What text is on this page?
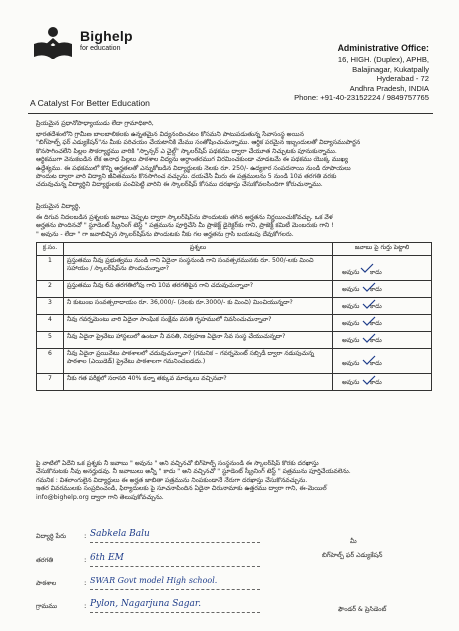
Bighelp
for education
A Catalyst For Better Education
Administrative Office:
16, HIGH. (Duplex), APHB,
Balajinagar, Kukatpally
Hyderabad - 72
Andhra Pradesh, INDIA
Phone: +91-40-23152224 / 9849757765
ప్రియమైన ప్రధానోపాధ్యాయుడు లేదా గ్రామాధికారి,
భారతదేశంలోని గ్రామీణ బాలబాలికలకు ఉన్నతమైన విద్యనందించటం కోసమని పాటుపడుతున్న సేవాసంస్థ అయిన
"బిగ్‌హెల్ప్ ఫర్ ఎడ్యుకేషన్"ను మీకు పరిచయం చేయటానికి మేము సంతోషించుచున్నాము. ఆర్థిక పరమైన ఇబ్బందులతో విద్యాసముపార్జన
కొనసాగించలేని పిల్లల సౌకర్యార్థము వారికి "స్పాన్సర్ ఎ చైల్డ్" స్కాలర్‌షిప్ పథకము ద్వారా చేయూత నిచ్చుటకు పూనుకున్నాము.
ఆర్థికముగా వెనుకబడిన లేక అనాధ పిల్లలు పాఠశాల విద్యను అర్ధాంతరముగ విరమించకుండా చూడటమే ఈ పథకము యొక్క ముఖ్య
ఉద్దేశ్యము. ఈ పథకములో కొన్ని అర్హతలతో ఎన్నుకోబడిన విద్యార్థులకు నెలకు రూ. 250/- ఉద్యకార సంపదనాయి నుండి రూపాయలు
పొందుట ద్వారా వారి విద్యాని జీవితమును కొనసాగించ వచ్చును. దయచేసి మీరు ఈ పత్రములను 5 నుండి 10వ తరగతి వరకు
చదువుచున్న విద్యార్థిని విద్యార్థులకు పంచిపెట్టి వారిని ఈ స్కాలర్‌షిప్ కోసము దరఖాస్తు చేసుకోవలసిందిగా కోరుచున్నాము.
ప్రియమైన విద్యార్థి,
ఈ దిగువ నిదలబడిన ప్రశ్నలకు జవాబు చెప్పుట ద్వారా స్కాలర్‌షిప్‌ను పొందుటకు తగిన అర్హతను నిర్ణయించుకోవచ్చు. ఒక వేళ
అర్హతను పొందినచో " స్టూడెంట్ స్క్రీనింగ్ టెస్ట్ " పత్రమును పూర్తిచేసి మీ ప్రాజెక్ట్ డైరెక్టర్‌కు గాని, ప్రాజెక్ట్ కమిటీ మెంబరుకు గాని !
" అవును - లేదా " గా జవాబిచ్చిన స్కాలర్‌షిప్‌ను పొందుటకు నీకు గల అర్హతను గ్రాసి బయటపు దేవుకోగలరు.
క్ర.సం.	ప్రశ్నలు	జవాబు పై గుర్తు పెట్టాలి
1	ప్రస్తుతము నీవు ప్రభుత్వము నుండి గాని ఏదైనా సంస్థనుండి గాని సంవత్సరమునకు రూ. 500/-లకు మించి సహాయం / స్కాలర్‌షిప్‌ను పొందుచున్నావా?	అవును కాదు

2	ప్రస్తుతము నీవు 6వ తరగతిలోపు గాని 10వ తరగతిపైన గాని చదువుచున్నావా?	అవును కాదు

3	నీ కుటుంబ సంవత్సరాదాయం రూ. 36,000/- (నెలకు రూ.3000/- కు మించి) మించియున్నదా?	అవును కాదు

4	నీవు గవర్నమెంటు వారి ఏదైనా సాంఘిక సంక్షేమ వసతి గృహములో నివసించుచున్నావా?	అవును కాదు

5	నీవు ఏదైనా ప్రైవేటు హాస్టలులో ఉంటూ నీ వసతి, నిర్వహణ ఏదైనా సేవ సంస్థ చేయుచున్నదా?	అవును కాదు

6	నీవు ఏదైనా ప్రయివేటు పాఠశాలలో చదువుచున్నావా? (గమనిక – గవర్నమెంట్ సబ్సిడీ ద్వారా నడుపుచున్న పాఠశాల (ఎయిడెడ్) ప్రైవేటు పాఠశాలగా గమనించబడదు.)	అవును కాదు

7	నీకు గత పరీక్షలో సరాసరి 40% కన్నా తక్కువ మార్కులు వచ్చినవా?	అవును కాదు
పై వాటిలో ఏదేని ఒక ప్రశ్నకు నీ జవాబు " అవును " అని వచ్చినచో బిగ్‌హెల్ప్ సంస్థనుండి ఈ స్కాలర్‌షిప్ కొరకు దరఖాస్తు
చేసుకొనుటకు నీవు అనర్హుడవు. నీ జవాబులు అన్నీ " కాదు " అని వచ్చినచో " స్టూడెంట్ స్క్రీనింగ్ టెస్ట్ " పత్రమును పూర్తిచేయవలెను.
గమనిక : విశలాంగులైన విద్యార్థులు ఈ అర్హత జాబితా పత్రమును నింపకుండానే నేరుగా దరఖాస్తు చేసుకొనవచ్చును.
ఇతర వివరములకు సంప్రదించండి, ఫిర్యాదులకు పై సూచనాపిందిన ఏదైనా చిరునామాకు ఉత్తరము ద్వారా గాని, ఈ-మెయిల్
info@bighelp.org ద్వారా గాని తెలుపుకోవచ్చును.
విద్యార్థి పేరు	: Sabkela Balu
తరగతి	: 6th EM
పాఠశాల	: SWAR Govt model High school.
గ్రామము	: Pylon, Nagarjuna Sagar.
మీ
బిగ్‌హెల్ప్ ఫర్ ఎడ్యుకేషన్
ఫౌండర్ & ప్రెసిడెంట్
